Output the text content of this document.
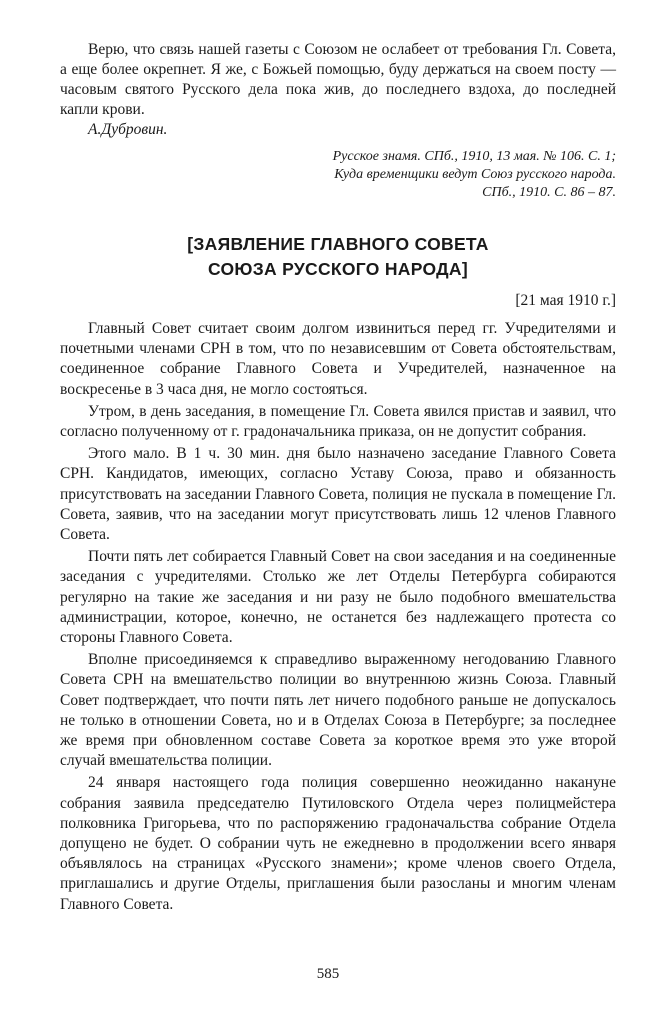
Верю, что связь нашей газеты с Союзом не ослабеет от требования Гл. Совета, а еще более окрепнет. Я же, с Божьей помощью, буду держаться на своем посту — часовым святого Русского дела пока жив, до последнего вздоха, до последней капли крови.

А.Дубровин.

Русское знамя. СПб., 1910, 13 мая. № 106. С. 1;
Куда временщики ведут Союз русского народа.
СПб., 1910. С. 86 – 87.
[ЗАЯВЛЕНИЕ ГЛАВНОГО СОВЕТА
СОЮЗА РУССКОГО НАРОДА]
[21 мая 1910 г.]

Главный Совет считает своим долгом извиниться перед гг. Учредителями и почетными членами СРН в том, что по независевшим от Совета обстоятельствам, соединенное собрание Главного Совета и Учредителей, назначенное на воскресенье в 3 часа дня, не могло состояться.

Утром, в день заседания, в помещение Гл. Совета явился пристав и заявил, что согласно полученному от г. градоначальника приказа, он не допустит собрания.

Этого мало. В 1 ч. 30 мин. дня было назначено заседание Главного Совета СРН. Кандидатов, имеющих, согласно Уставу Союза, право и обязанность присутствовать на заседании Главного Совета, полиция не пускала в помещение Гл. Совета, заявив, что на заседании могут присутствовать лишь 12 членов Главного Совета.

Почти пять лет собирается Главный Совет на свои заседания и на соединенные заседания с учредителями. Столько же лет Отделы Петербурга собираются регулярно на такие же заседания и ни разу не было подобного вмешательства администрации, которое, конечно, не останется без надлежащего протеста со стороны Главного Совета.

Вполне присоединяемся к справедливо выраженному негодованию Главного Совета СРН на вмешательство полиции во внутреннюю жизнь Союза. Главный Совет подтверждает, что почти пять лет ничего подобного раньше не допускалось не только в отношении Совета, но и в Отделах Союза в Петербурге; за последнее же время при обновленном составе Совета за короткое время это уже второй случай вмешательства полиции.

24 января настоящего года полиция совершенно неожиданно накануне собрания заявила председателю Путиловского Отдела через полицмейстера полковника Григорьева, что по распоряжению градоначальства собрание Отдела допущено не будет. О собрании чуть не ежедневно в продолжении всего января объявлялось на страницах «Русского знамени»; кроме членов своего Отдела, приглашались и другие Отделы, приглашения были разосланы и многим членам Главного Совета.

585
